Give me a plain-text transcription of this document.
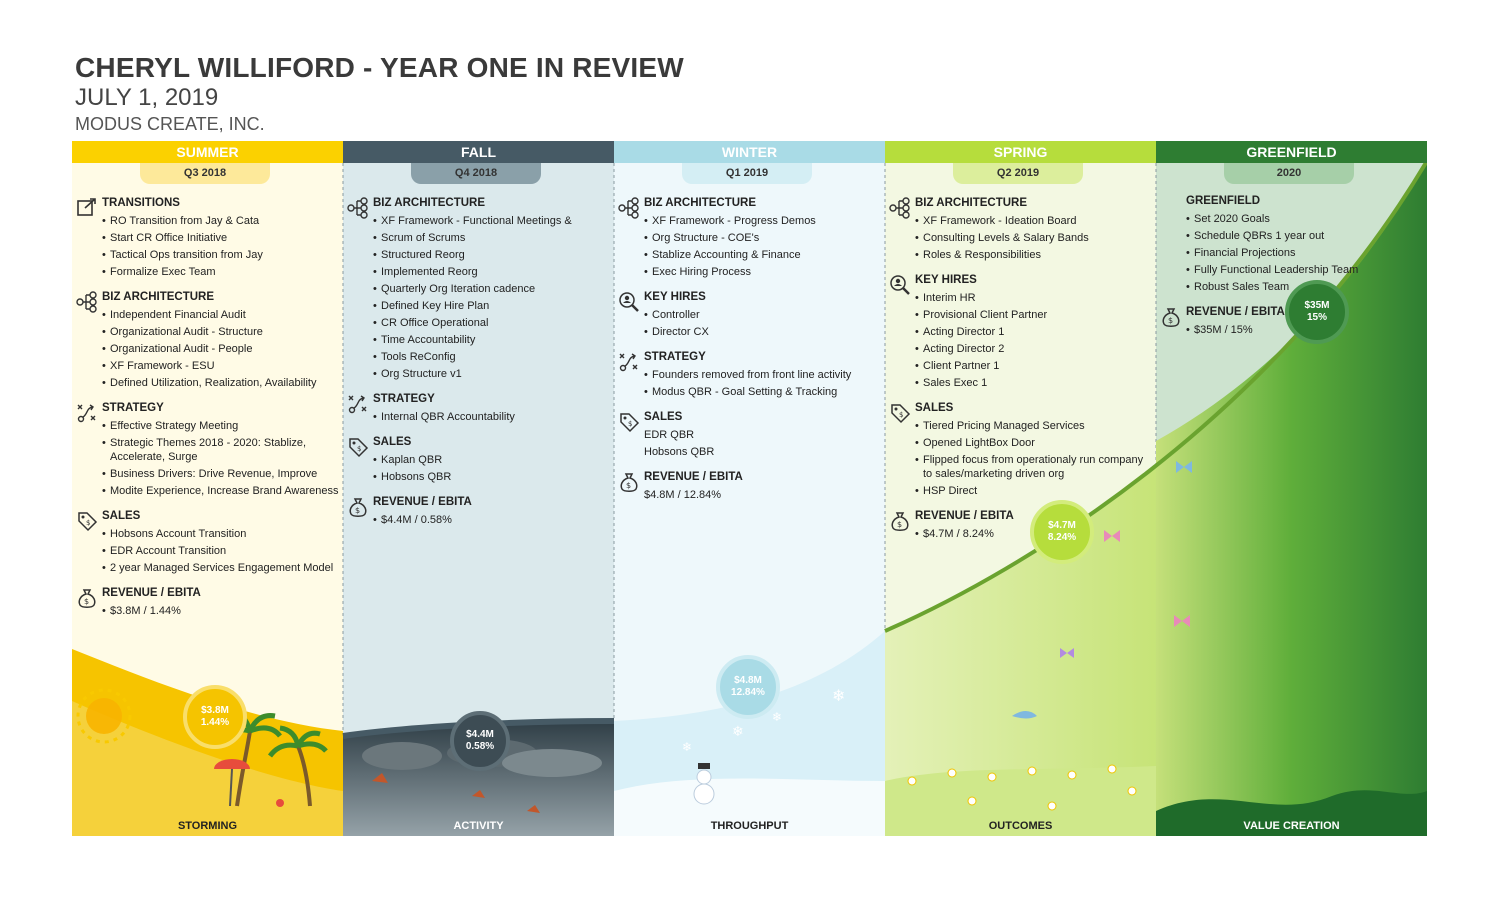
CHERYL WILLIFORD - YEAR ONE IN REVIEW
JULY 1, 2019
MODUS CREATE, INC.
❄
❄
❄
❄
SUMMER
Q3 2018
TRANSITIONS
• RO Transition from Jay & Cata
• Start CR Office Initiative
• Tactical Ops transition from Jay
• Formalize Exec Team
BIZ ARCHITECTURE
• Independent Financial Audit
• Organizational Audit - Structure
• Organizational Audit - People
• XF Framework - ESU
• Defined Utilization, Realization, Availability
STRATEGY
• Effective Strategy Meeting
• Strategic Themes 2018 - 2020: Stablize, Accelerate, Surge
• Business Drivers: Drive Revenue, Improve
• Modite Experience, Increase Brand Awareness
$
SALES
• Hobsons Account Transition
• EDR Account Transition
• 2 year Managed Services Engagement Model
$
REVENUE / EBITA
• $3.8M / 1.44%
STORMING
FALL
Q4 2018
BIZ ARCHITECTURE
• XF Framework - Functional Meetings &
• Scrum of Scrums
• Structured Reorg
• Implemented Reorg
• Quarterly Org Iteration cadence
• Defined Key Hire Plan
• CR Office Operational
• Time Accountability
• Tools ReConfig
• Org Structure v1
STRATEGY
• Internal QBR Accountability
$
SALES
• Kaplan QBR
• Hobsons QBR
$
REVENUE / EBITA
• $4.4M / 0.58%
ACTIVITY
WINTER
Q1 2019
BIZ ARCHITECTURE
• XF Framework - Progress Demos
• Org Structure - COE's
• Stablize Accounting & Finance
• Exec Hiring Process
KEY HIRES
• Controller
• Director CX
STRATEGY
• Founders removed from front line activity
• Modus QBR - Goal Setting & Tracking
$
SALES
EDR QBR
Hobsons QBR
$
REVENUE / EBITA
$4.8M / 12.84%
THROUGHPUT
SPRING
Q2 2019
BIZ ARCHITECTURE
• XF Framework - Ideation Board
• Consulting Levels & Salary Bands
• Roles & Responsibilities
KEY HIRES
• Interim HR
• Provisional Client Partner
• Acting Director 1
• Acting Director 2
• Client Partner 1
• Sales Exec 1
$
SALES
• Tiered Pricing Managed Services
• Opened LightBox Door
• Flipped focus from operationaly run company to sales/marketing driven org
• HSP Direct
$
REVENUE / EBITA
• $4.7M / 8.24%
OUTCOMES
GREENFIELD
2020
GREENFIELD
• Set 2020 Goals
• Schedule QBRs 1 year out
• Financial Projections
• Fully Functional Leadership Team
• Robust Sales Team
$
REVENUE / EBITA
• $35M / 15%
VALUE CREATION
$3.8M
1.44%
$4.4M
0.58%
$4.8M
12.84%
$4.7M
8.24%
$35M
15%
